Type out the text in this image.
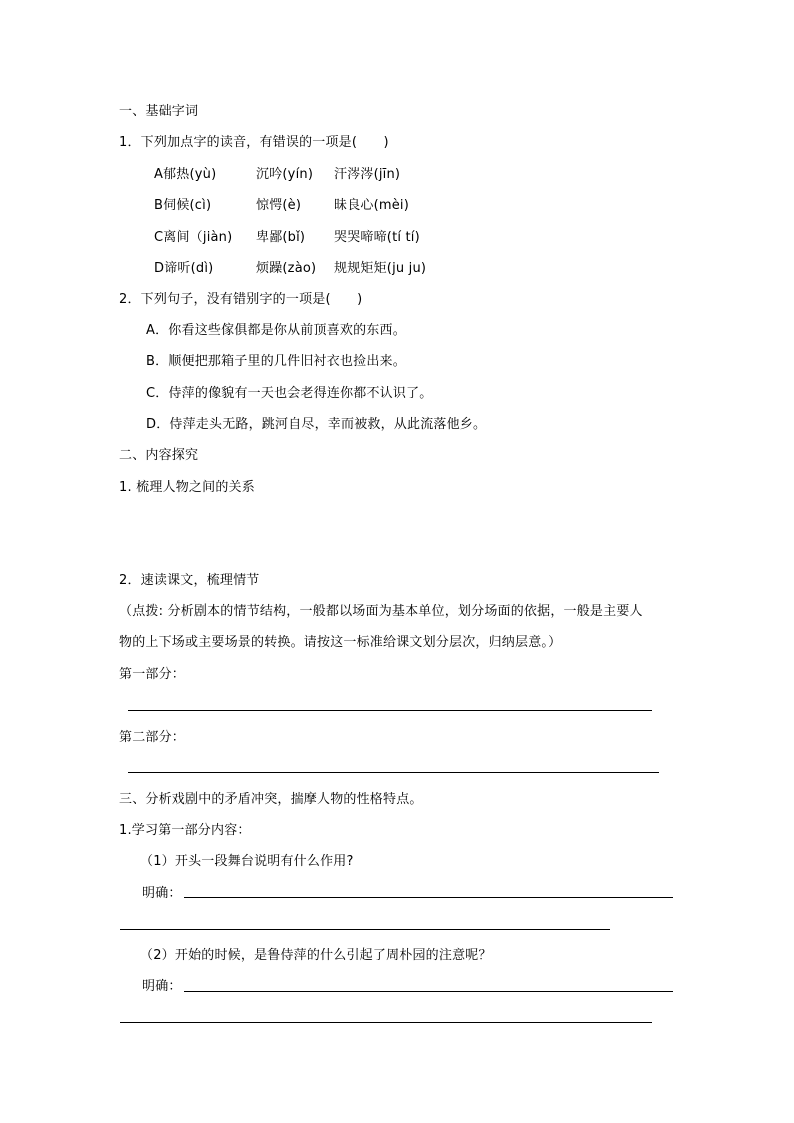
一、基础字词
1．下列加点字的读音，有错误的一项是(　　)
A郁热(yù)	沉吟(yín) 汗涔涔(jīn)
B伺候(cì)	惊愕(è)	昧良心(mèi)
C离间（jiàn) 卑鄙(bǐ) 哭哭啼啼(tí tí)
D谛听(dì)	烦躁(zào) 规规矩矩(ju ju)
2．下列句子，没有错别字的一项是(　　)
A．你看这些傢俱都是你从前顶喜欢的东西。
B．顺便把那箱子里的几件旧衬衣也捡出来。
C．侍萍的像貌有一天也会老得连你都不认识了。
D．侍萍走头无路，跳河自尽，幸而被救，从此流落他乡。
二、内容探究
1. 梳理人物之间的关系
2．速读课文，梳理情节
（点拨: 分析剧本的情节结构，一般都以场面为基本单位，划分场面的依据，一般是主要人
物的上下场或主要场景的转换。请按这一标准给课文划分层次，归纳层意。）
第一部分：
第二部分：
三、分析戏剧中的矛盾冲突，揣摩人物的性格特点。
1.学习第一部分内容：
（1）开头一段舞台说明有什么作用?
明确：
（2）开始的时候，是鲁侍萍的什么引起了周朴园的注意呢？
明确：
